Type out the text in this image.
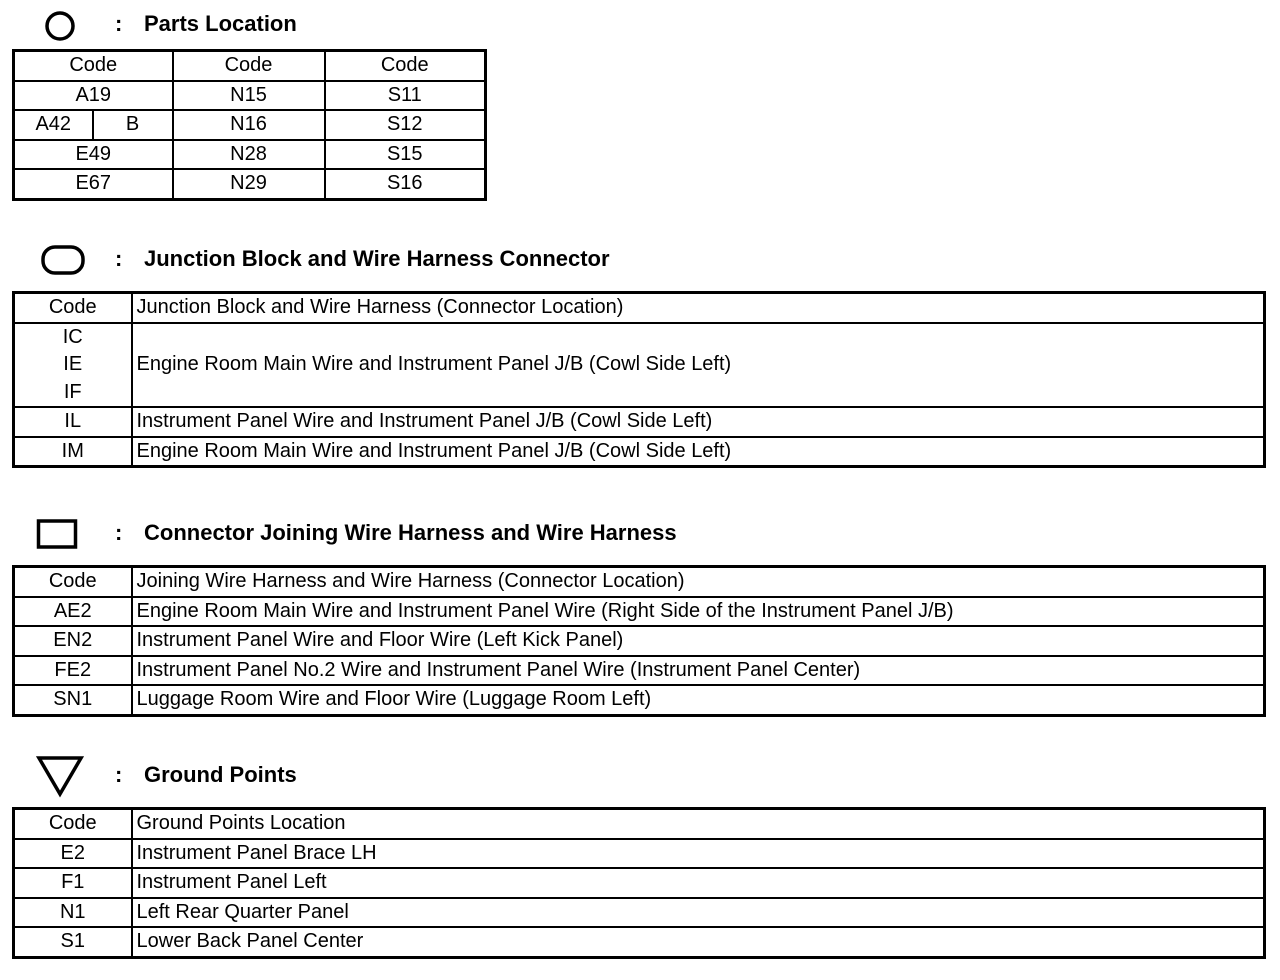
: Parts Location
Code		Code	Code
A19		N15	S11
A42	B	N16	S12
E49		N28	S15
E67		N29	S16
: Junction Block and Wire Harness Connector
Code	Junction Block and Wire Harness (Connector Location)
IC	Engine Room Main Wire and Instrument Panel J/B (Cowl Side Left)
IE	
IF	
IL	Instrument Panel Wire and Instrument Panel J/B (Cowl Side Left)
IM	Engine Room Main Wire and Instrument Panel J/B (Cowl Side Left)
: Connector Joining Wire Harness and Wire Harness
Code	Joining Wire Harness and Wire Harness (Connector Location)
AE2	Engine Room Main Wire and Instrument Panel Wire (Right Side of the Instrument Panel J/B)
EN2	Instrument Panel Wire and Floor Wire (Left Kick Panel)
FE2	Instrument Panel No.2 Wire and Instrument Panel Wire (Instrument Panel Center)
SN1	Luggage Room Wire and Floor Wire (Luggage Room Left)
: Ground Points
Code	Ground Points Location
E2	Instrument Panel Brace LH
F1	Instrument Panel Left
N1	Left Rear Quarter Panel
S1	Lower Back Panel Center
